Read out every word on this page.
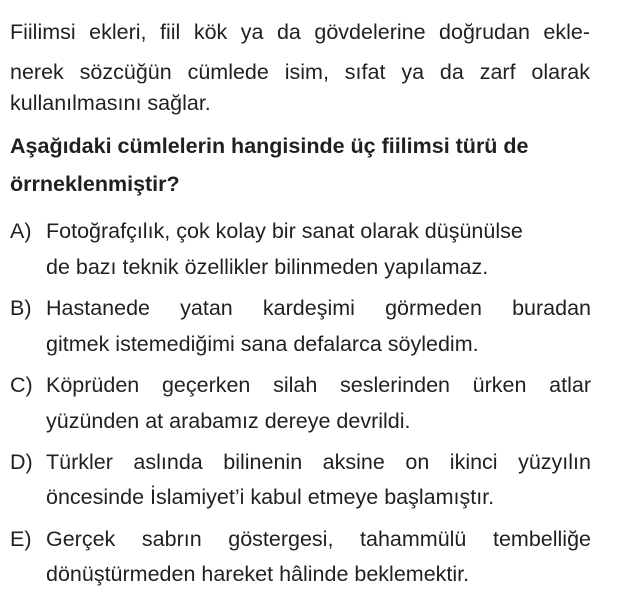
Fiilimsi ekleri, fiil kök ya da gövdelerine doğrudan ekle-
nerek sözcüğün cümlede isim, sıfat ya da zarf olarak
kullanılmasını sağlar.
Aşağıdaki cümlelerin hangisinde üç fiilimsi türü de
örrneklenmiştir?
A) Fotoğrafçılık, çok kolay bir sanat olarak düşünülse
de bazı teknik özellikler bilinmeden yapılamaz.
B) Hastanede yatan kardeşimi görmeden buradan
gitmek istemediğimi sana defalarca söyledim.
C) Köprüden geçerken silah seslerinden ürken atlar
yüzünden at arabamız dereye devrildi.
D) Türkler aslında bilinenin aksine on ikinci yüzyılın
öncesinde İslamiyet’i kabul etmeye başlamıştır.
E) Gerçek sabrın göstergesi, tahammülü tembelliğe
dönüştürmeden hareket hâlinde beklemektir.
